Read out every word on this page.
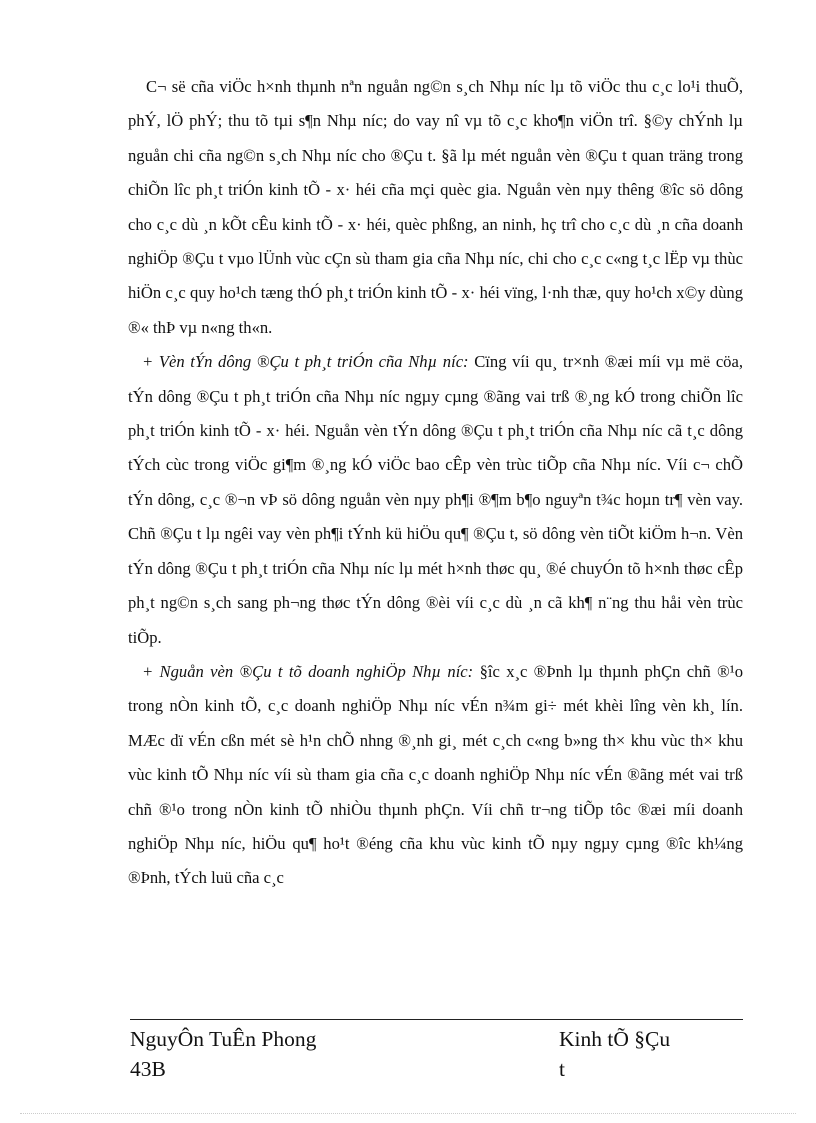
C¬ së cña viÖc h×nh thµnh nªn nguån ng©n s¸ch Nhµ níc lµ tõ viÖc thu c¸c lo¹i thuÕ, phÝ, lÖ phÝ; thu tõ tµi s¶n Nhµ níc; do vay nî vµ tõ c¸c kho¶n viÖn trî. §©y chÝnh lµ nguån chi cña ng©n s¸ch Nhµ níc cho ®Çu t. §ã lµ mét nguån vèn ®Çu t quan träng trong chiÕn lîc ph¸t triÓn kinh tÕ - x· héi cña mçi quèc gia. Nguån vèn nµy thêng ®îc sö dông cho c¸c dù ¸n kÕt cÊu kinh tÕ - x· héi, quèc phßng, an ninh, hç trî cho c¸c dù ¸n cña doanh nghiÖp ®Çu t vµo lÜnh vùc cÇn sù tham gia cña Nhµ níc, chi cho c¸c c«ng t¸c lËp vµ thùc hiÖn c¸c quy ho¹ch tæng thÓ ph¸t triÓn kinh tÕ - x· héi vïng, l·nh thæ, quy ho¹ch x©y dùng ®« thÞ vµ n«ng th«n.

+ Vèn tÝn dông ®Çu t ph¸t triÓn cña Nhµ níc: Cïng víi qu¸ tr×nh ®æi míi vµ më cöa, tÝn dông ®Çu t ph¸t triÓn cña Nhµ níc ngµy cµng ®ãng vai trß ®¸ng kÓ trong chiÕn lîc ph¸t triÓn kinh tÕ - x· héi. Nguån vèn tÝn dông ®Çu t ph¸t triÓn cña Nhµ níc cã t¸c dông tÝch cùc trong viÖc gi¶m ®¸ng kÓ viÖc bao cÊp vèn trùc tiÕp cña Nhµ níc. Víi c¬ chÕ tÝn dông, c¸c ®¬n vÞ sö dông nguån vèn nµy ph¶i ®¶m b¶o nguyªn t¾c hoµn tr¶ vèn vay. Chñ ®Çu t lµ ngêi vay vèn ph¶i tÝnh kü hiÖu qu¶ ®Çu t, sö dông vèn tiÕt kiÖm h¬n. Vèn tÝn dông ®Çu t ph¸t triÓn cña Nhµ níc lµ mét h×nh thøc qu¸ ®é chuyÓn tõ h×nh thøc cÊp ph¸t ng©n s¸ch sang ph¬ng thøc tÝn dông ®èi víi c¸c dù ¸n cã kh¶ n¨ng thu håi vèn trùc tiÕp.

+ Nguån vèn ®Çu t tõ doanh nghiÖp Nhµ níc: §îc x¸c ®Þnh lµ thµnh phÇn chñ ®¹o trong nÒn kinh tÕ, c¸c doanh nghiÖp Nhµ níc vÉn n¾m gi÷ mét khèi lîng vèn kh¸ lín. MÆc dï vÉn cßn mét sè h¹n chÕ nhng ®¸nh gi¸ mét c¸ch c«ng b»ng th× khu vùc th× khu vùc kinh tÕ Nhµ níc víi sù tham gia cña c¸c doanh nghiÖp Nhµ níc vÉn ®ãng mét vai trß chñ ®¹o trong nÒn kinh tÕ nhiÒu thµnh phÇn. Víi chñ tr¬ng tiÕp tôc ®æi míi doanh nghiÖp Nhµ níc, hiÖu qu¶ ho¹t ®éng cña khu vùc kinh tÕ nµy ngµy cµng ®îc kh¼ng ®Þnh, tÝch luü cña c¸c

NguyÔn TuÊn Phong
43B
Kinh tÕ §Çu t
